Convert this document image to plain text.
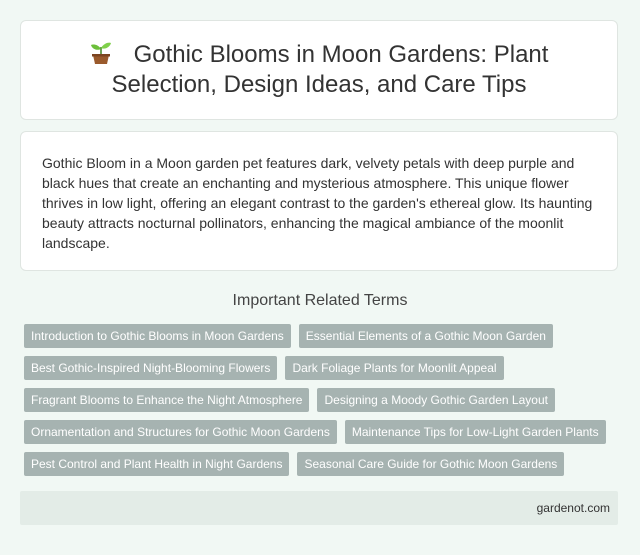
Gothic Blooms in Moon Gardens: Plant Selection, Design Ideas, and Care Tips

Gothic Bloom in a Moon garden pet features dark, velvety petals with deep purple and black hues that create an enchanting and mysterious atmosphere. This unique flower thrives in low light, offering an elegant contrast to the garden's ethereal glow. Its haunting beauty attracts nocturnal pollinators, enhancing the magical ambiance of the moonlit landscape.

Important Related Terms
Introduction to Gothic Blooms in Moon Gardens	Essential Elements of a Gothic Moon Garden
Best Gothic-Inspired Night-Blooming Flowers	Dark Foliage Plants for Moonlit Appeal
Fragrant Blooms to Enhance the Night Atmosphere	Designing a Moody Gothic Garden Layout
Ornamentation and Structures for Gothic Moon Gardens	Maintenance Tips for Low-Light Garden Plants
Pest Control and Plant Health in Night Gardens	Seasonal Care Guide for Gothic Moon Gardens
gardenot.com
